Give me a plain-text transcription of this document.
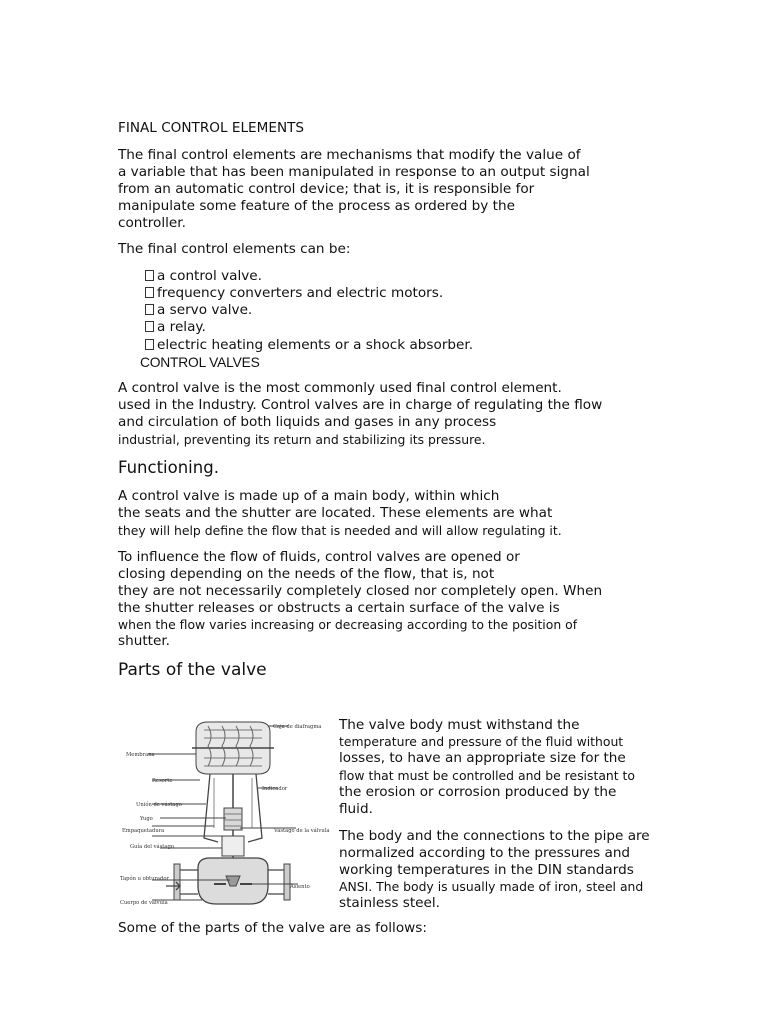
FINAL CONTROL ELEMENTS
The final control elements are mechanisms that modify the value of
a variable that has been manipulated in response to an output signal
from an automatic control device; that is, it is responsible for
manipulate some feature of the process as ordered by the
controller.
The final control elements can be:
a control valve.
frequency converters and electric motors.
a servo valve.
a relay.
electric heating elements or a shock absorber.
CONTROL VALVES
A control valve is the most commonly used final control element.
used in the Industry. Control valves are in charge of regulating the flow
and circulation of both liquids and gases in any process
industrial, preventing its return and stabilizing its pressure.
Functioning.
A control valve is made up of a main body, within which
the seats and the shutter are located. These elements are what
they will help define the flow that is needed and will allow regulating it.
To influence the flow of fluids, control valves are opened or
closing depending on the needs of the flow, that is, not
they are not necessarily completely closed nor completely open. When
the shutter releases or obstructs a certain surface of the valve is
when the flow varies increasing or decreasing according to the position of
shutter.
Parts of the valve
The valve body must withstand the
temperature and pressure of the fluid without
losses, to have an appropriate size for the
flow that must be controlled and be resistant to
the erosion or corrosion produced by the
fluid.
The body and the connections to the pipe are
normalized according to the pressures and
working temperatures in the DIN standards
ANSI. The body is usually made of iron, steel and
stainless steel.
Caja de diafragma
Membrana
Resorte
Indicador
Unión de vástago
Yugo
Empaquetadura
Guía del vástago
Vástago de la válvula
Tapón u obturador
Asiento
Cuerpo de válvula
Some of the parts of the valve are as follows:
